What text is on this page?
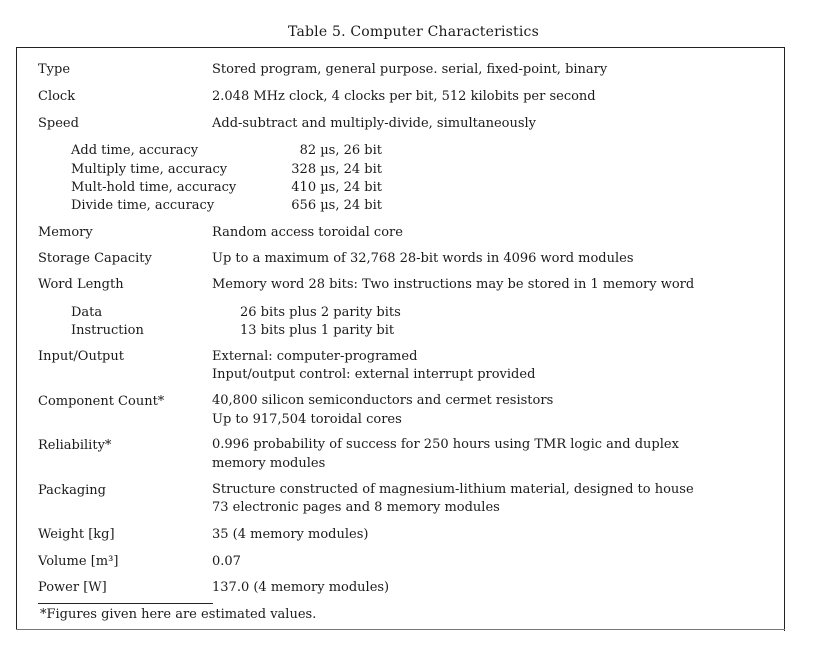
Table 5. Computer Characteristics
Type	Stored program, general purpose. serial, fixed-point, binary
Clock	2.048 MHz clock, 4 clocks per bit, 512 kilobits per second
Speed	Add-subtract and multiply-divide, simultaneously
Add time, accuracy	82 µs, 26 bit
Multiply time, accuracy	328 µs, 24 bit
Mult-hold time, accuracy	410 µs, 24 bit
Divide time, accuracy	656 µs, 24 bit
Memory	Random access toroidal core
Storage Capacity	Up to a maximum of 32,768 28-bit words in 4096 word modules
Word Length	Memory word 28 bits: Two instructions may be stored in 1 memory word
Data	26 bits plus 2 parity bits
Instruction	13 bits plus 1 parity bit
Input/Output	External: computer-programed
Input/output control: external interrupt provided
Component Count*	40,800 silicon semiconductors and cermet resistors
Up to 917,504 toroidal cores
Reliability*	0.996 probability of success for 250 hours using TMR logic and duplex
memory modules
Packaging	Structure constructed of magnesium-lithium material, designed to house
73 electronic pages and 8 memory modules
Weight [kg]	35 (4 memory modules)
Volume [m³]	0.07
Power [W]	137.0 (4 memory modules)
*Figures given here are estimated values.
